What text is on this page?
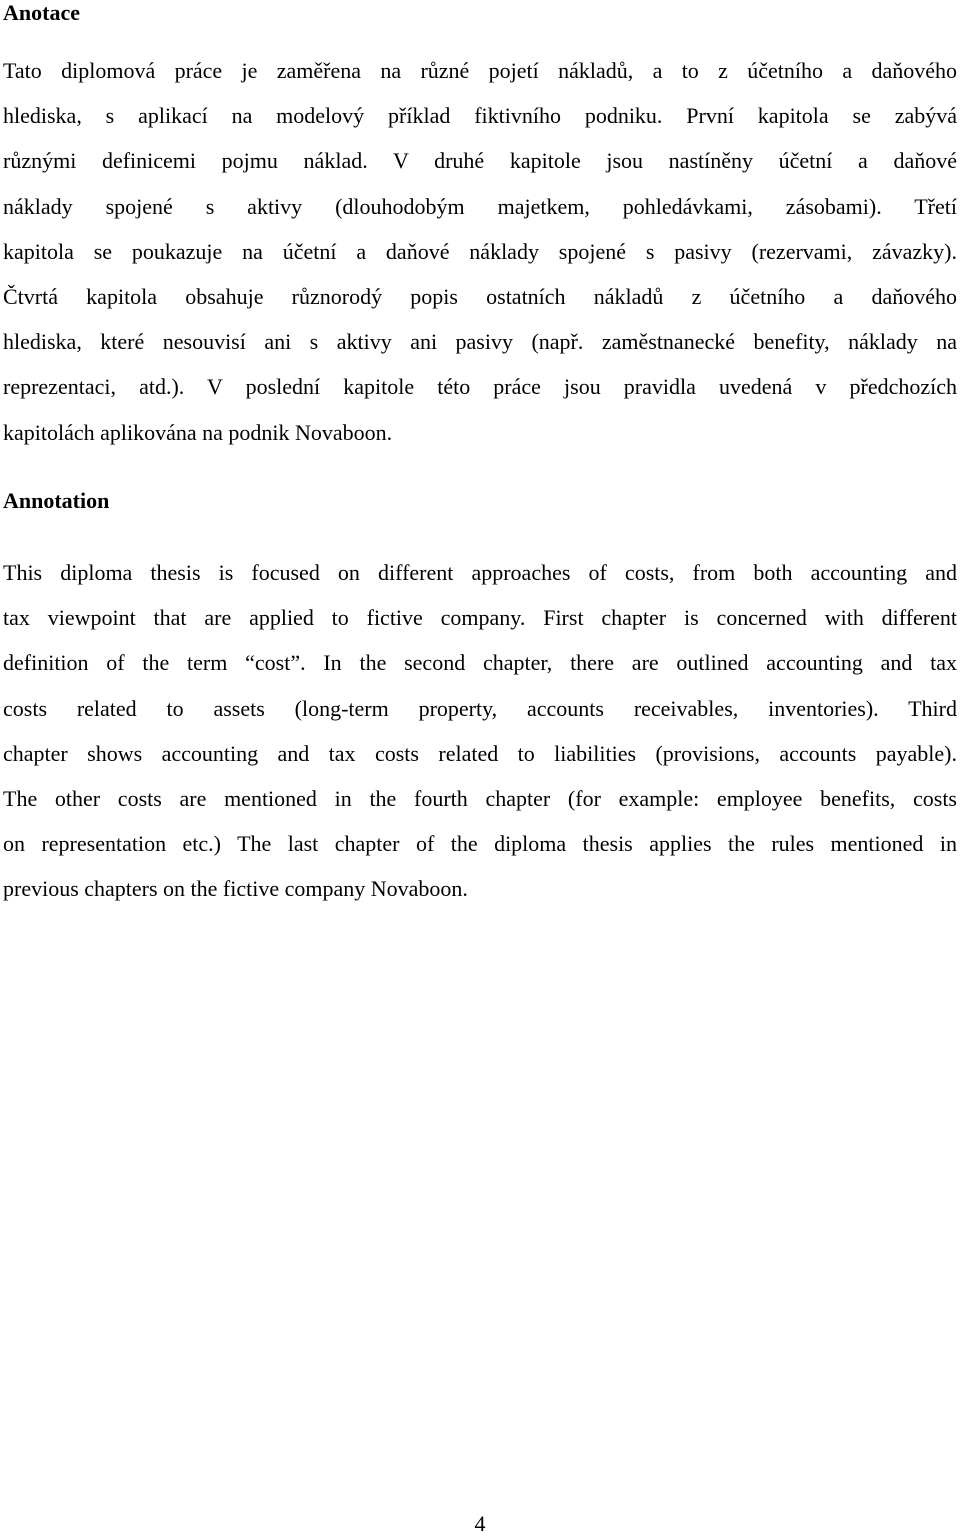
Anotace
Tato diplomová práce je zaměřena na různé pojetí nákladů, a to z účetního a daňového
hlediska, s aplikací na modelový příklad fiktivního podniku. První kapitola se zabývá
různými definicemi pojmu náklad. V druhé kapitole jsou nastíněny účetní a daňové
náklady spojené s aktivy (dlouhodobým majetkem, pohledávkami, zásobami). Třetí
kapitola se poukazuje na účetní a daňové náklady spojené s pasivy (rezervami, závazky).
Čtvrtá kapitola obsahuje různorodý popis ostatních nákladů z účetního a daňového
hlediska, které nesouvisí ani s aktivy ani pasivy (např. zaměstnanecké benefity, náklady na
reprezentaci, atd.). V poslední kapitole této práce jsou pravidla uvedená v předchozích
kapitolách aplikována na podnik Novaboon.
Annotation
This diploma thesis is focused on different approaches of costs, from both accounting and
tax viewpoint that are applied to fictive company. First chapter is concerned with different
definition of the term “cost”. In the second chapter, there are outlined accounting and tax
costs related to assets (long-term property, accounts receivables, inventories). Third
chapter shows accounting and tax costs related to liabilities (provisions, accounts payable).
The other costs are mentioned in the fourth chapter (for example: employee benefits, costs
on representation etc.) The last chapter of the diploma thesis applies the rules mentioned in
previous chapters on the fictive company Novaboon.
4
